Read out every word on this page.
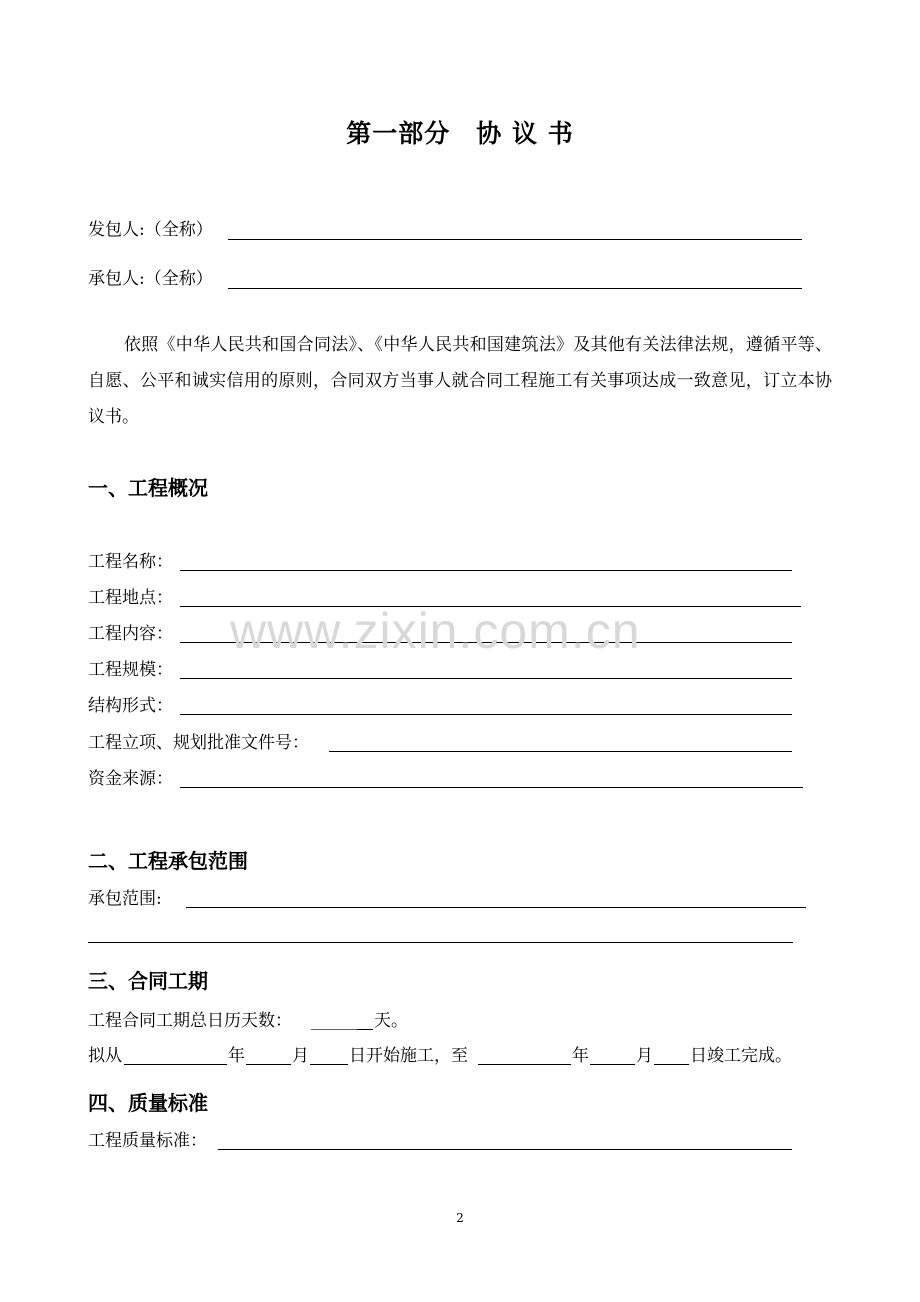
第一部分　协 议 书
发包人:（全称）
承包人:（全称）
依照《中华人民共和国合同法》、《中华人民共和国建筑法》及其他有关法律法规，遵循平等、自愿、公平和诚实信用的原则，合同双方当事人就合同工程施工有关事项达成一致意见，订立本协议书。
一、工程概况
工程名称：
工程地点：
工程内容：
工程规模：
结构形式：
工程立项、规划批准文件号：
资金来源：
www.zixin.com.cn
二、工程承包范围
承包范围:
三、合同工期
工程合同工期总日历天数：	天。
拟从	年	月 日开始施工，至	年	月 日竣工完成。
四、质量标准
工程质量标准：
2
